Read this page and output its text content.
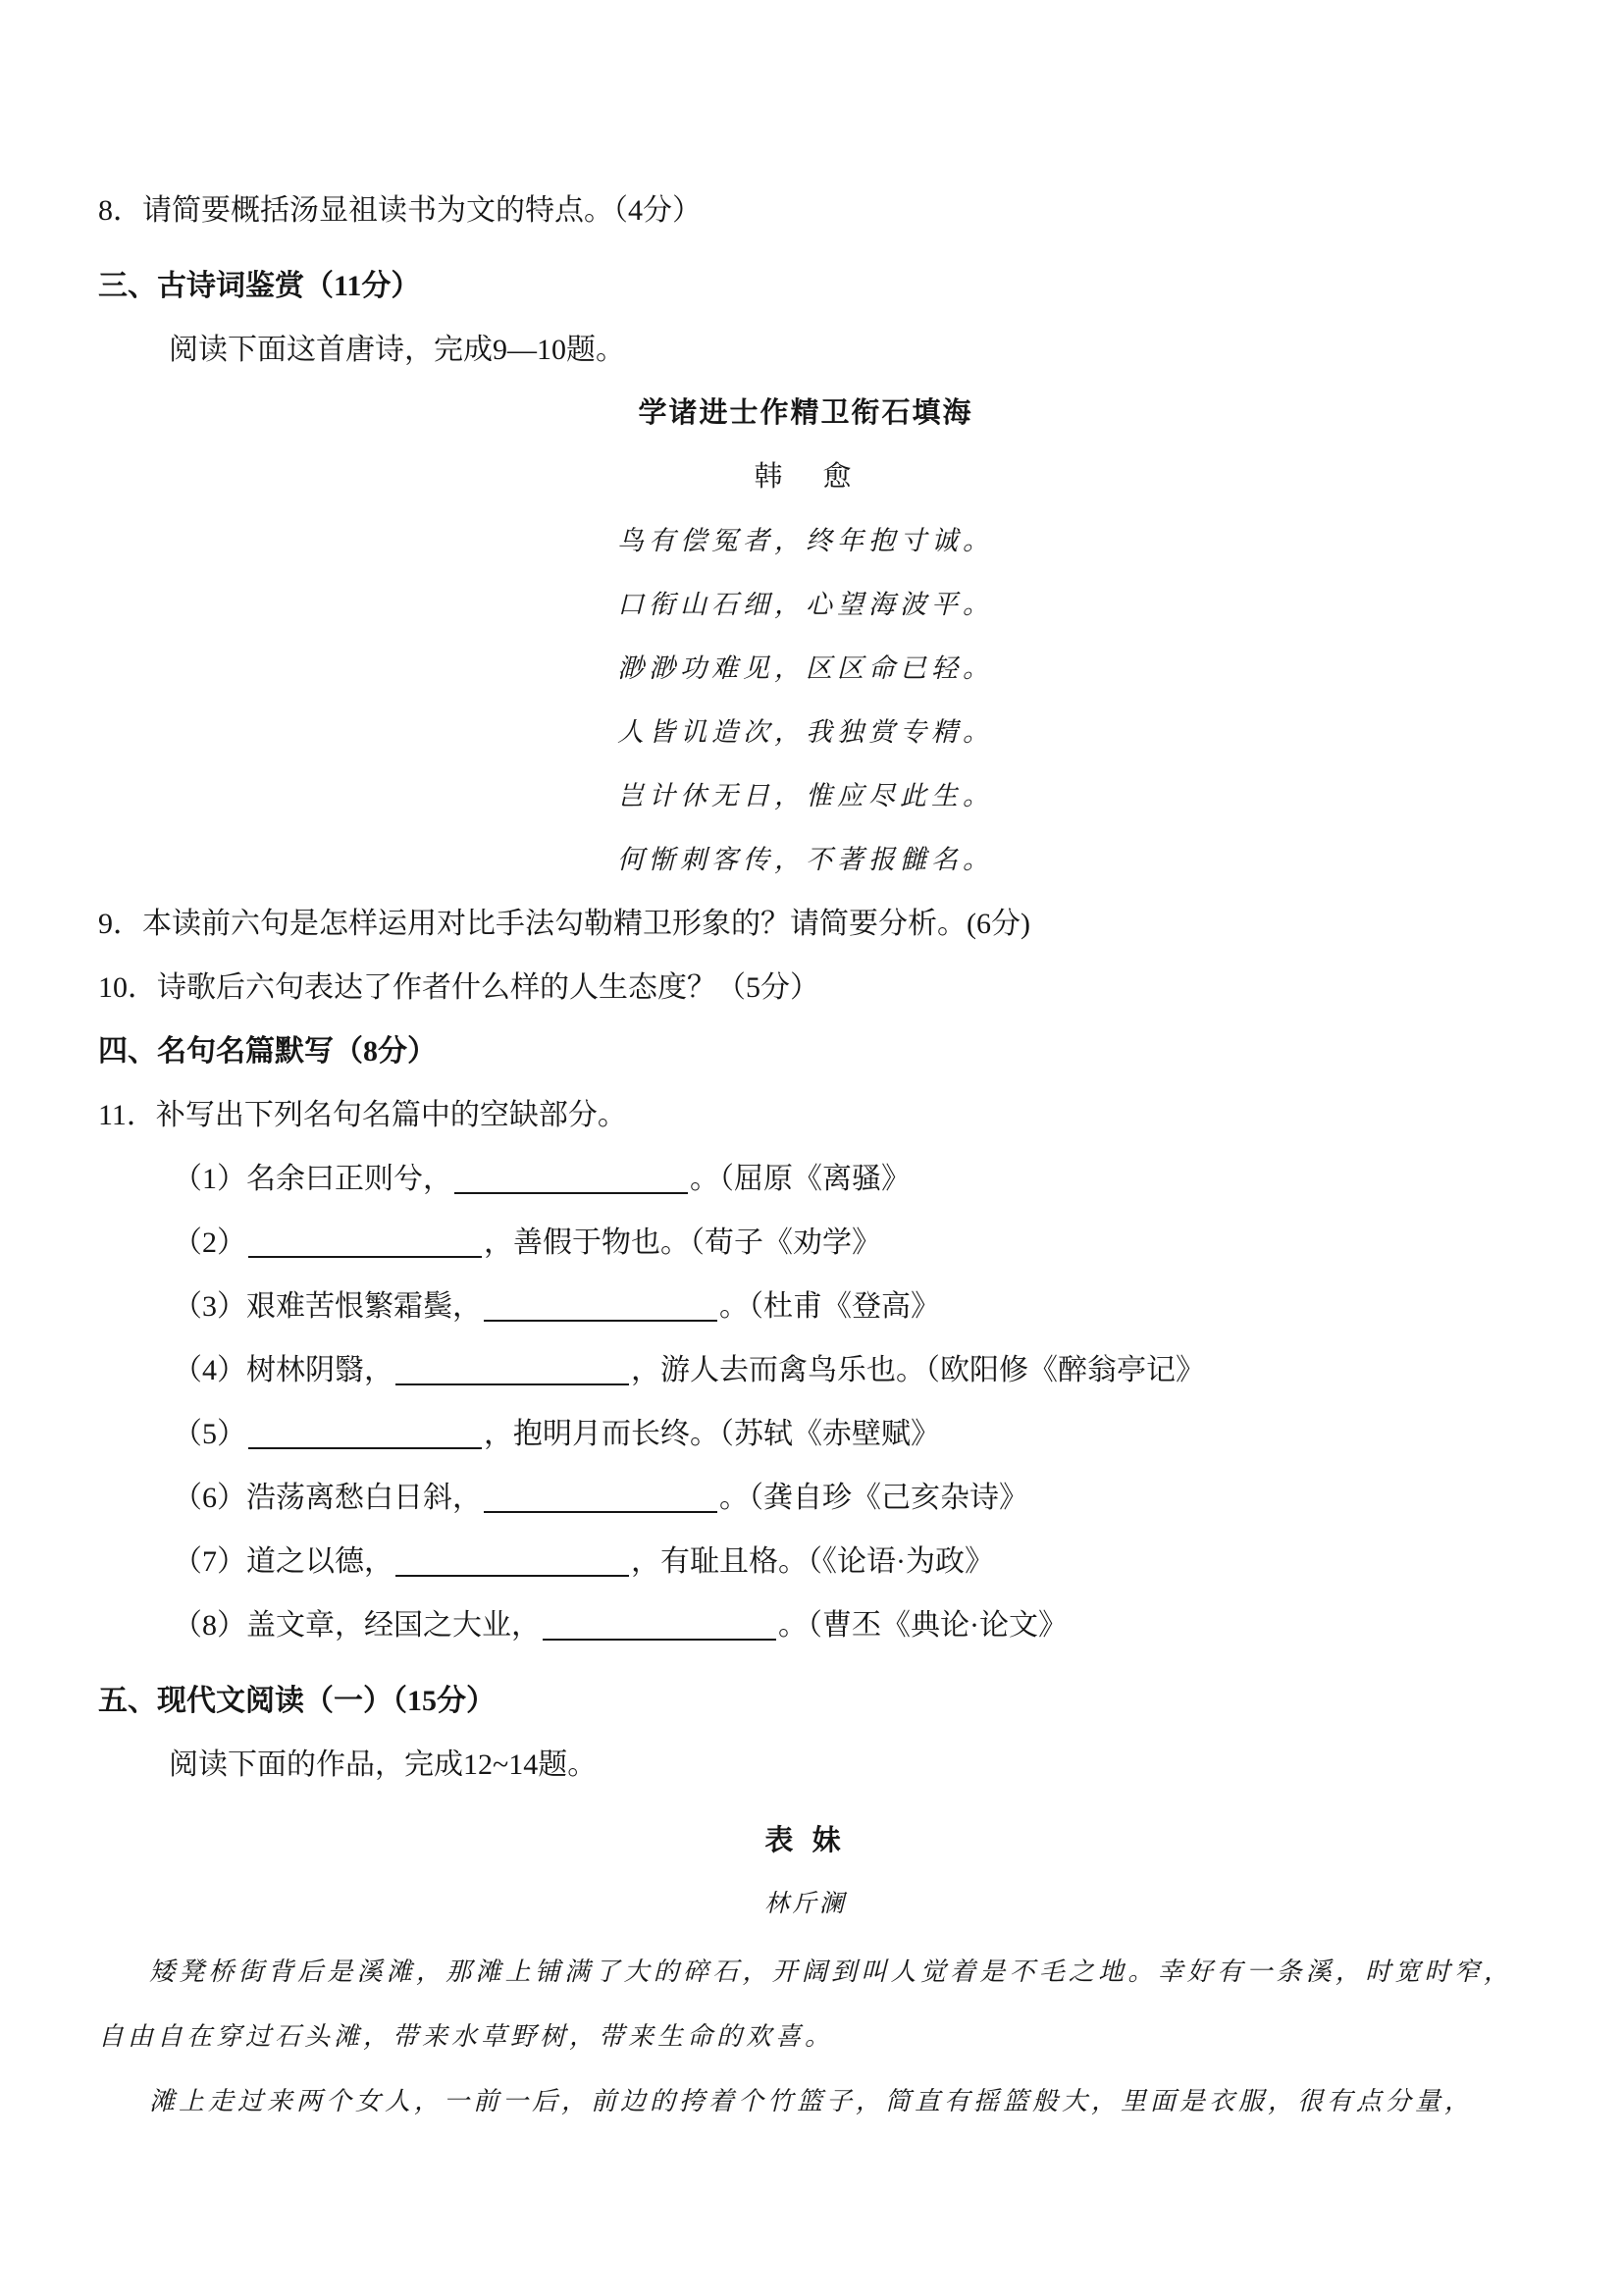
8．请简要概括汤显祖读书为文的特点。（4分）
三、古诗词鉴赏（11分）
阅读下面这首唐诗，完成9—10题。
学诸进士作精卫衔石填海
韩　愈
鸟有偿冤者，终年抱寸诚。
口衔山石细，心望海波平。
渺渺功难见，区区命已轻。
人皆讥造次，我独赏专精。
岂计休无日，惟应尽此生。
何惭刺客传，不著报雠名。
9．本读前六句是怎样运用对比手法勾勒精卫形象的？请简要分析。(6分)
10．诗歌后六句表达了作者什么样的人生态度？（5分）
四、名句名篇默写（8分）
11．补写出下列名句名篇中的空缺部分。
（1）名余曰正则兮，	。（屈原《离骚》
（2）	，善假于物也。（荀子《劝学》
（3）艰难苦恨繁霜鬓，	。（杜甫《登高》
（4）树林阴翳，	，游人去而禽鸟乐也。（欧阳修《醉翁亭记》
（5）	，抱明月而长终。（苏轼《赤壁赋》
（6）浩荡离愁白日斜，	。（龚自珍《己亥杂诗》
（7）道之以德，	，有耻且格。（《论语·为政》
（8）盖文章，经国之大业，	。（曹丕《典论·论文》
五、现代文阅读（一）（15分）
阅读下面的作品，完成12~14题。
表 妹
林斤澜

矮凳桥街背后是溪滩，那滩上铺满了大的碎石，开阔到叫人觉着是不毛之地。幸好有一条溪，时宽时窄，自由自在穿过石头滩，带来水草野树，带来生命的欢喜。

滩上走过来两个女人，一前一后，前边的挎着个竹篮子，简直有摇篮般大，里面是衣服，很有点分量，
